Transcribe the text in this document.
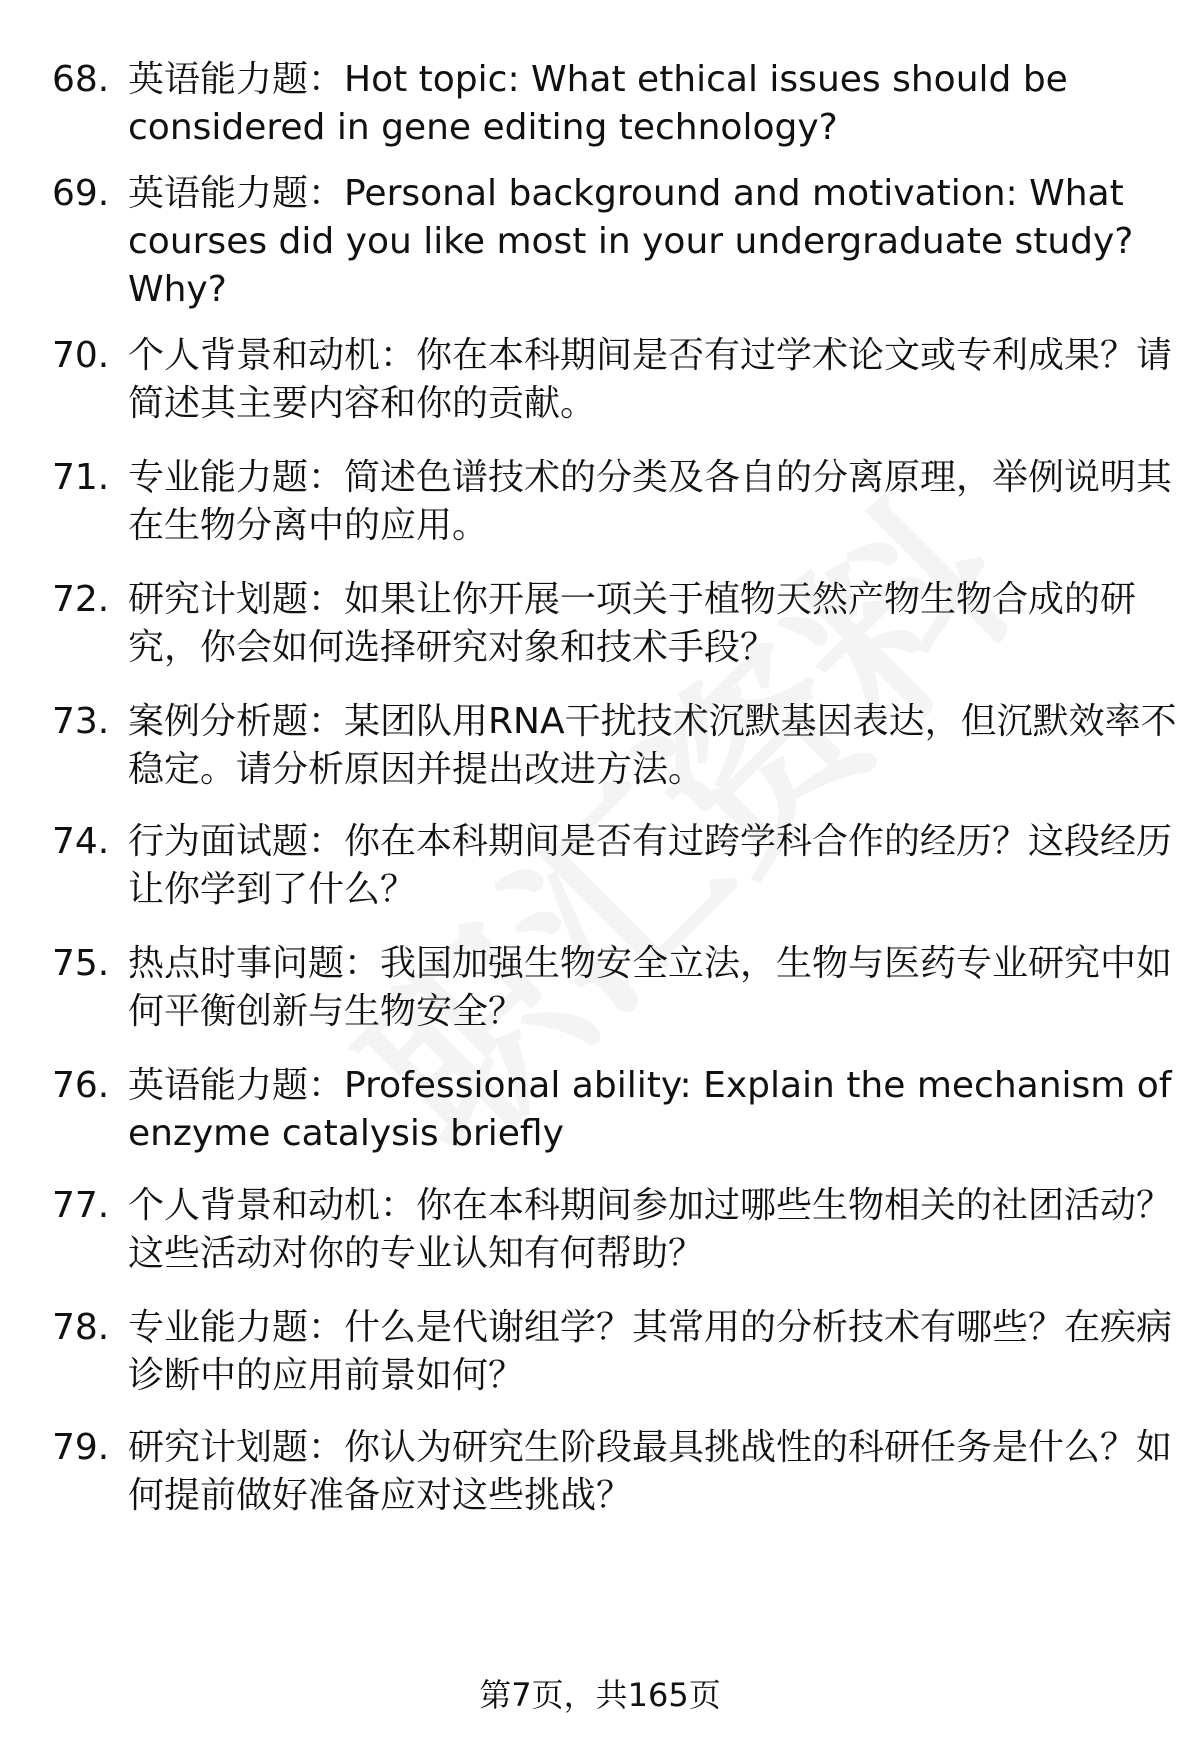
68. 英语能力题：Hot topic: What ethical issues should be considered in gene editing technology?
69. 英语能力题：Personal background and motivation: What courses did you like most in your undergraduate study? Why?
70. 个人背景和动机：你在本科期间是否有过学术论文或专利成果？请简述其主要内容和你的贡献。
71. 专业能力题：简述色谱技术的分类及各自的分离原理，举例说明其在生物分离中的应用。
72. 研究计划题：如果让你开展一项关于植物天然产物生物合成的研究，你会如何选择研究对象和技术手段？
73. 案例分析题：某团队用RNA干扰技术沉默基因表达，但沉默效率不稳定。请分析原因并提出改进方法。
74. 行为面试题：你在本科期间是否有过跨学科合作的经历？这段经历让你学到了什么？
75. 热点时事问题：我国加强生物安全立法，生物与医药专业研究中如何平衡创新与生物安全？
76. 英语能力题：Professional ability: Explain the mechanism of enzyme catalysis briefly
77. 个人背景和动机：你在本科期间参加过哪些生物相关的社团活动？这些活动对你的专业认知有何帮助？
78. 专业能力题：什么是代谢组学？其常用的分析技术有哪些？在疾病诊断中的应用前景如何？
79. 研究计划题：你认为研究生阶段最具挑战性的科研任务是什么？如何提前做好准备应对这些挑战？
第7页，共165页
